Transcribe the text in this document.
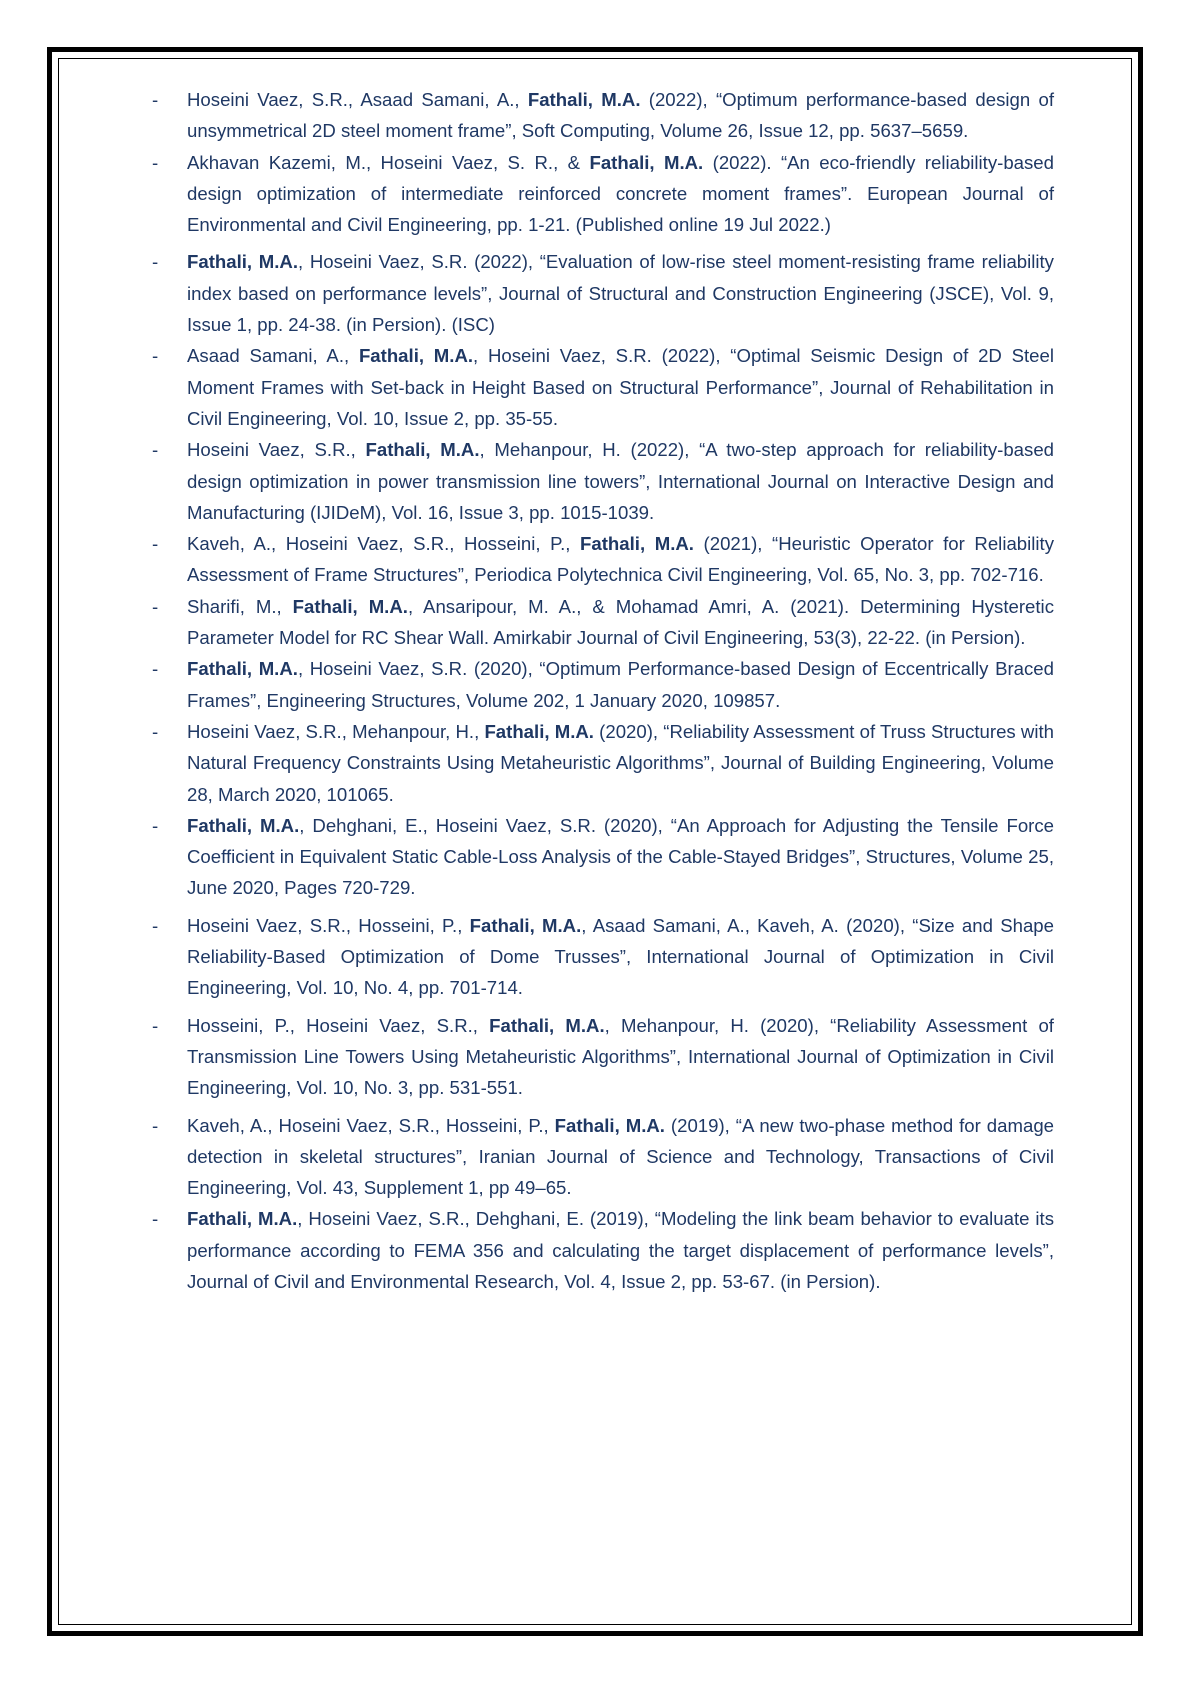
- Hoseini Vaez, S.R., Asaad Samani, A., Fathali, M.A. (2022), “Optimum performance-based design of unsymmetrical 2D steel moment frame”, Soft Computing, Volume 26, Issue 12, pp. 5637–5659.
- Akhavan Kazemi, M., Hoseini Vaez, S. R., & Fathali, M.A. (2022). “An eco-friendly reliability-based design optimization of intermediate reinforced concrete moment frames”. European Journal of Environmental and Civil Engineering, pp. 1-21. (Published online 19 Jul 2022.)
- Fathali, M.A., Hoseini Vaez, S.R. (2022), “Evaluation of low-rise steel moment-resisting frame reliability index based on performance levels”, Journal of Structural and Construction Engineering (JSCE), Vol. 9, Issue 1, pp. 24-38. (in Persion). (ISC)
- Asaad Samani, A., Fathali, M.A., Hoseini Vaez, S.R. (2022), “Optimal Seismic Design of 2D Steel Moment Frames with Set-back in Height Based on Structural Performance”, Journal of Rehabilitation in Civil Engineering, Vol. 10, Issue 2, pp. 35-55.
- Hoseini Vaez, S.R., Fathali, M.A., Mehanpour, H. (2022), “A two-step approach for reliability-based design optimization in power transmission line towers”, International Journal on Interactive Design and Manufacturing (IJIDeM), Vol. 16, Issue 3, pp. 1015-1039.
- Kaveh, A., Hoseini Vaez, S.R., Hosseini, P., Fathali, M.A. (2021), “Heuristic Operator for Reliability Assessment of Frame Structures”, Periodica Polytechnica Civil Engineering, Vol. 65, No. 3, pp. 702-716.
- Sharifi, M., Fathali, M.A., Ansaripour, M. A., & Mohamad Amri, A. (2021). Determining Hysteretic Parameter Model for RC Shear Wall. Amirkabir Journal of Civil Engineering, 53(3), 22-22. (in Persion).
- Fathali, M.A., Hoseini Vaez, S.R. (2020), “Optimum Performance-based Design of Eccentrically Braced Frames”, Engineering Structures, Volume 202, 1 January 2020, 109857.
- Hoseini Vaez, S.R., Mehanpour, H., Fathali, M.A. (2020), “Reliability Assessment of Truss Structures with Natural Frequency Constraints Using Metaheuristic Algorithms”, Journal of Building Engineering, Volume 28, March 2020, 101065.
- Fathali, M.A., Dehghani, E., Hoseini Vaez, S.R. (2020), “An Approach for Adjusting the Tensile Force Coefficient in Equivalent Static Cable-Loss Analysis of the Cable-Stayed Bridges”, Structures, Volume 25, June 2020, Pages 720-729.
- Hoseini Vaez, S.R., Hosseini, P., Fathali, M.A., Asaad Samani, A., Kaveh, A. (2020), “Size and Shape Reliability-Based Optimization of Dome Trusses”, International Journal of Optimization in Civil Engineering, Vol. 10, No. 4, pp. 701-714.
- Hosseini, P., Hoseini Vaez, S.R., Fathali, M.A., Mehanpour, H. (2020), “Reliability Assessment of Transmission Line Towers Using Metaheuristic Algorithms”, International Journal of Optimization in Civil Engineering, Vol. 10, No. 3, pp. 531-551.
- Kaveh, A., Hoseini Vaez, S.R., Hosseini, P., Fathali, M.A. (2019), “A new two-phase method for damage detection in skeletal structures”, Iranian Journal of Science and Technology, Transactions of Civil Engineering, Vol. 43, Supplement 1, pp 49–65.
- Fathali, M.A., Hoseini Vaez, S.R., Dehghani, E. (2019), “Modeling the link beam behavior to evaluate its performance according to FEMA 356 and calculating the target displacement of performance levels”, Journal of Civil and Environmental Research, Vol. 4, Issue 2, pp. 53-67. (in Persion).
